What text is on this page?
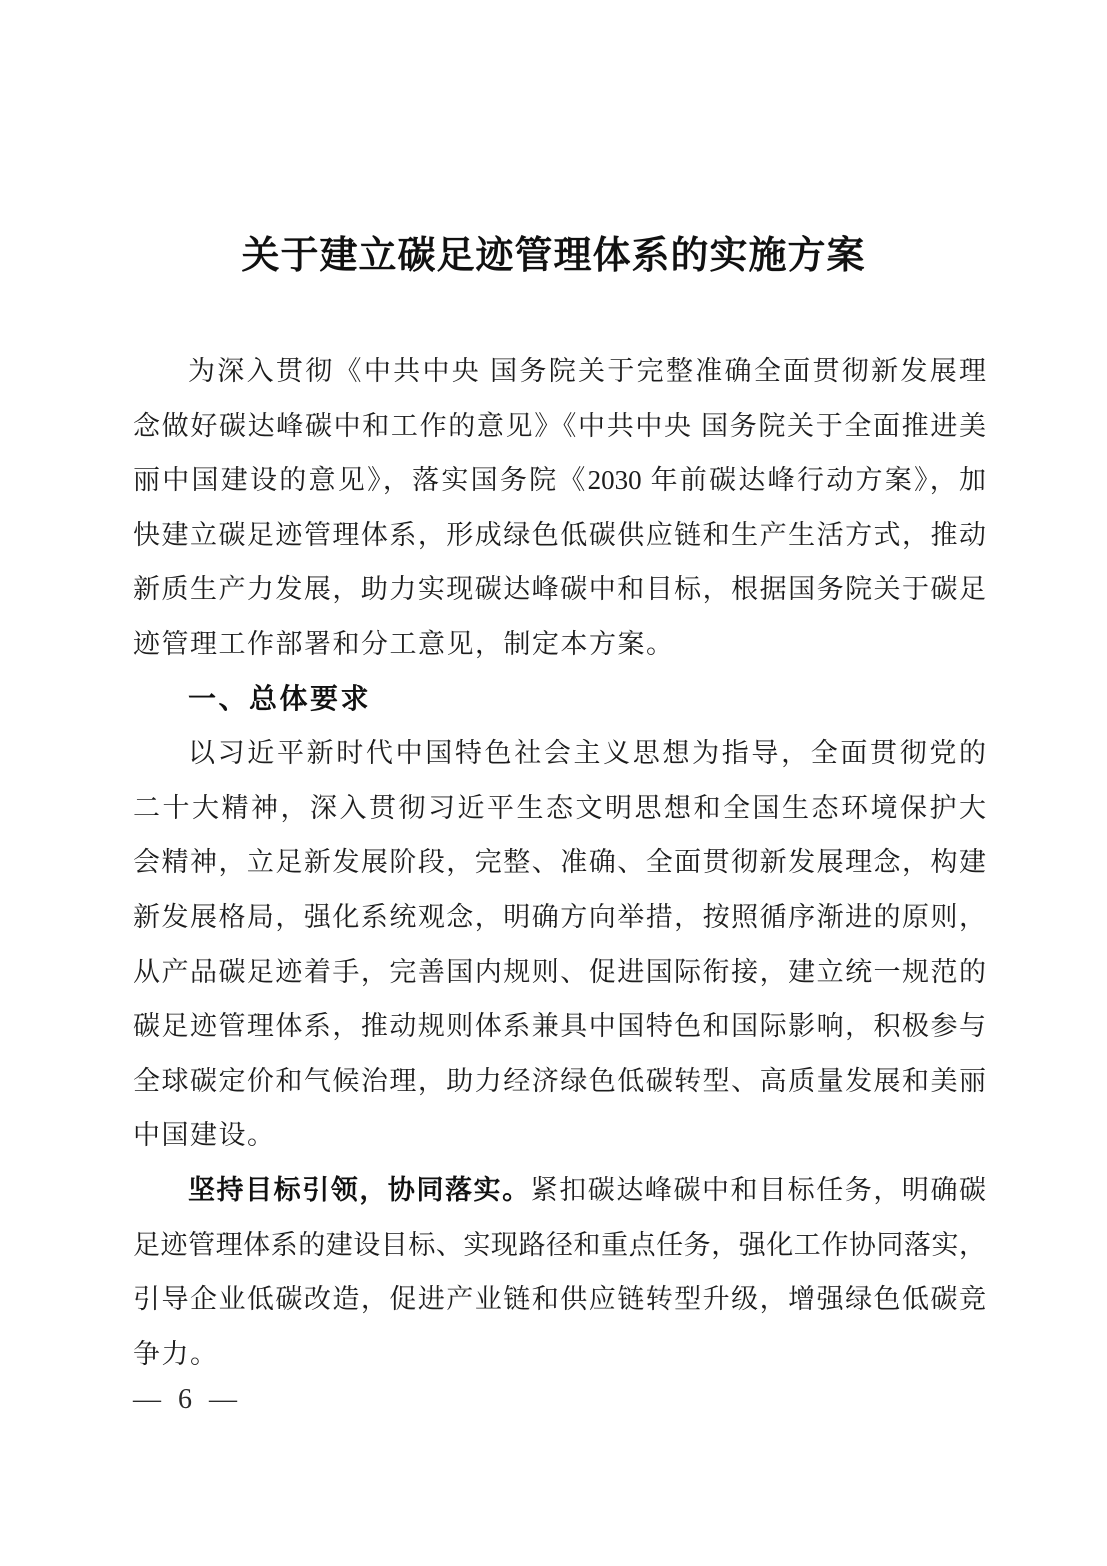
关于建立碳足迹管理体系的实施方案
为深入贯彻《中共中央 国务院关于完整准确全面贯彻新发展理
念做好碳达峰碳中和工作的意见》《中共中央 国务院关于全面推进美
丽中国建设的意见》，落实国务院《2030 年前碳达峰行动方案》，加
快建立碳足迹管理体系，形成绿色低碳供应链和生产生活方式，推动
新质生产力发展，助力实现碳达峰碳中和目标，根据国务院关于碳足
迹管理工作部署和分工意见，制定本方案。
一、总体要求
以习近平新时代中国特色社会主义思想为指导，全面贯彻党的
二十大精神，深入贯彻习近平生态文明思想和全国生态环境保护大
会精神，立足新发展阶段，完整、准确、全面贯彻新发展理念，构建
新发展格局，强化系统观念，明确方向举措，按照循序渐进的原则，
从产品碳足迹着手，完善国内规则、促进国际衔接，建立统一规范的
碳足迹管理体系，推动规则体系兼具中国特色和国际影响，积极参与
全球碳定价和气候治理，助力经济绿色低碳转型、高质量发展和美丽
中国建设。
坚持目标引领，协同落实。紧扣碳达峰碳中和目标任务，明确碳
足迹管理体系的建设目标、实现路径和重点任务，强化工作协同落实，
引导企业低碳改造，促进产业链和供应链转型升级，增强绿色低碳竞
争力。
— 6 —
